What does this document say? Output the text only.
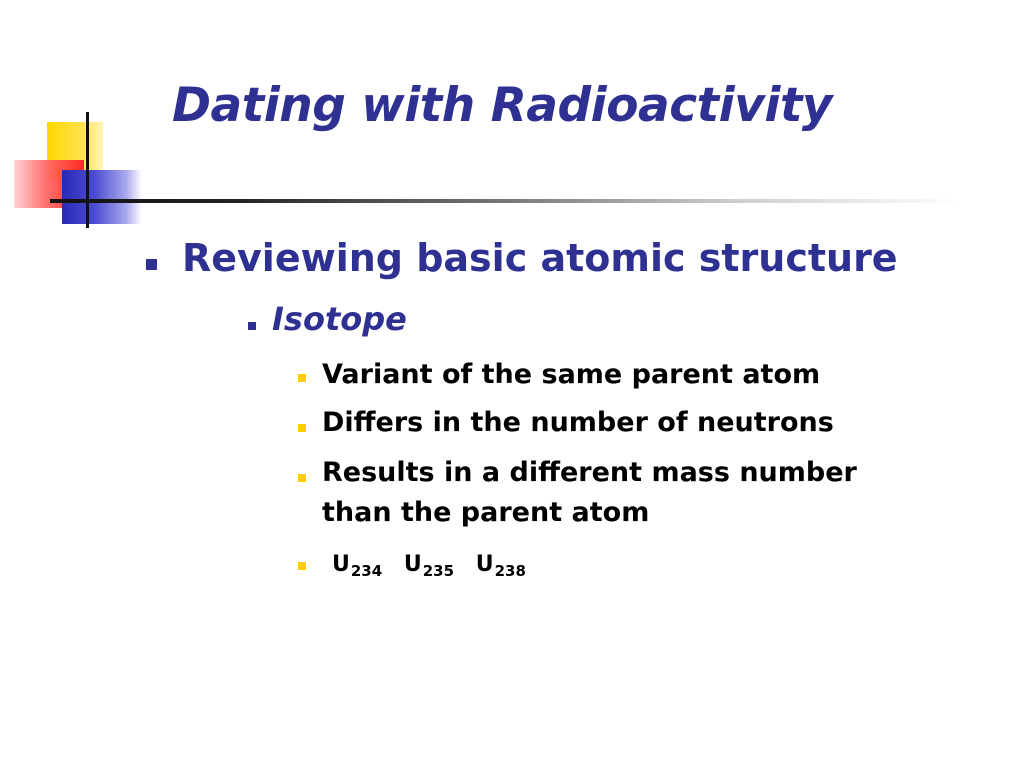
Dating with Radioactivity

Reviewing basic atomic structure

Isotope

Variant of the same parent atom

Differs in the number of neutrons

Results in a different mass number

than the parent atom

$U_{234}$ $U_{235}$ $U_{238}$
